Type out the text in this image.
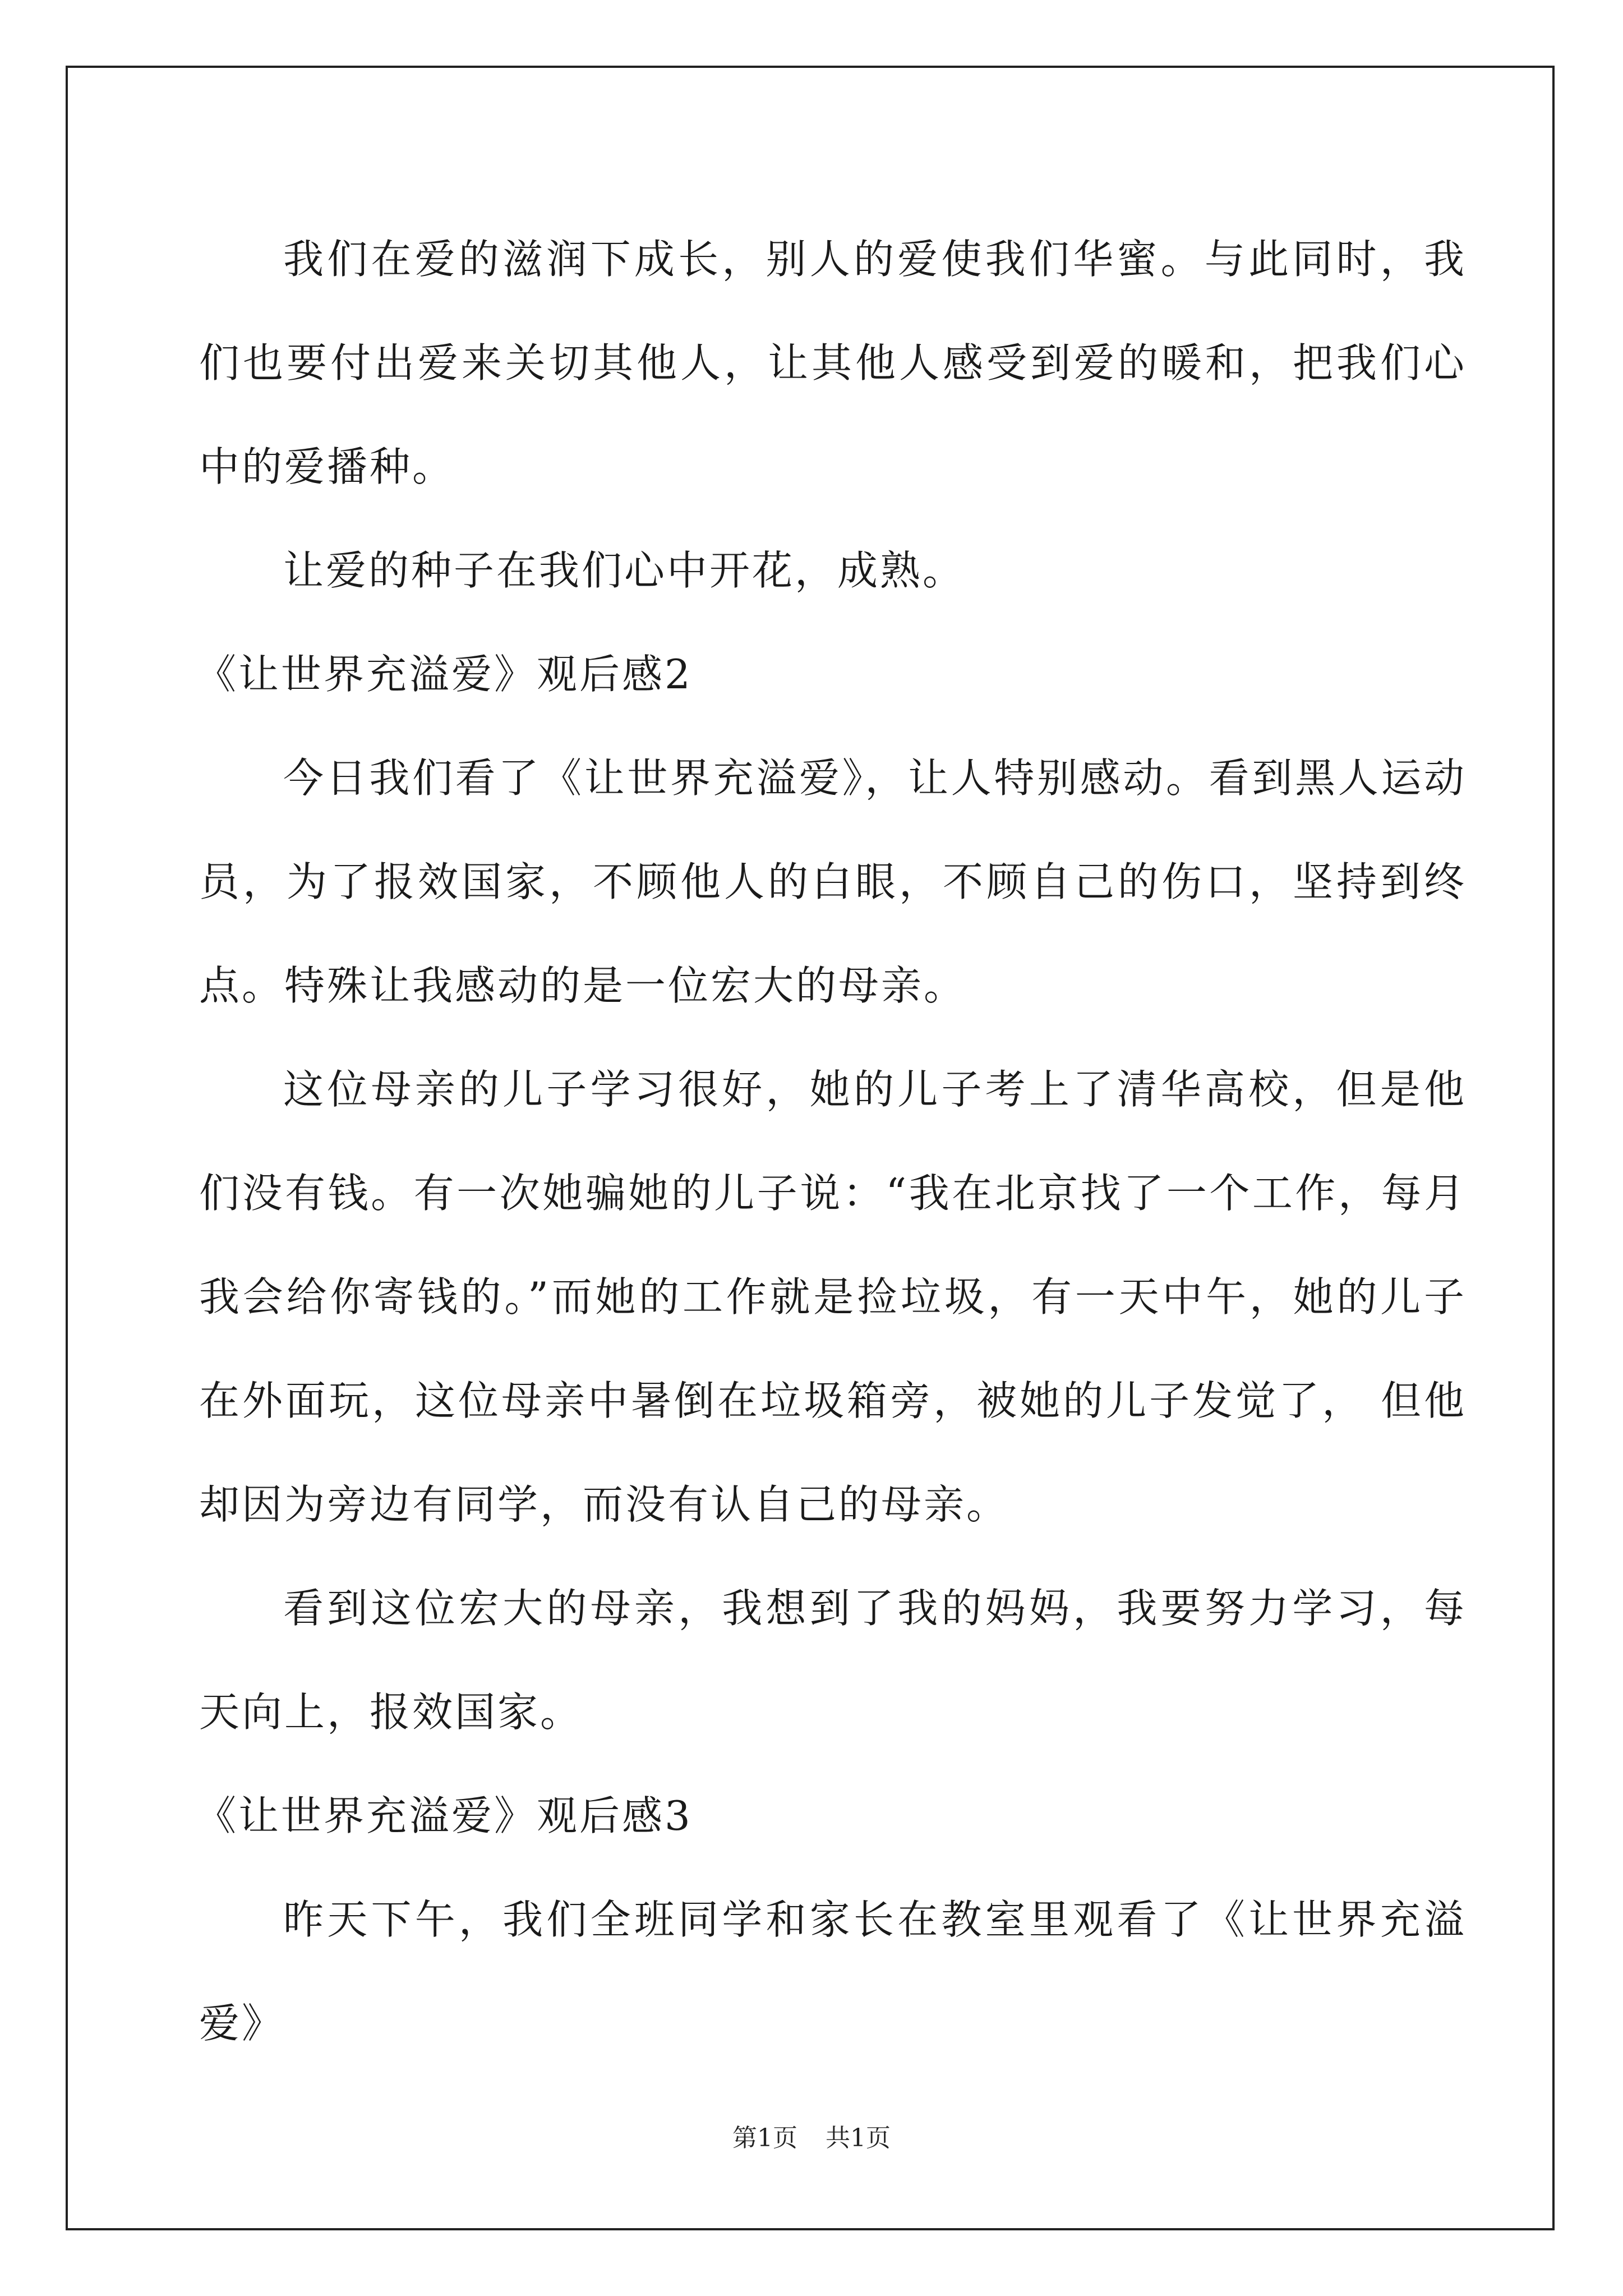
我们在爱的滋润下成长，别人的爱使我们华蜜。与此同时，我们也要付出爱来关切其他人，让其他人感受到爱的暖和，把我们心中的爱播种。

让爱的种子在我们心中开花，成熟。

《让世界充溢爱》观后感2

今日我们看了《让世界充溢爱》，让人特别感动。看到黑人运动员，为了报效国家，不顾他人的白眼，不顾自己的伤口，坚持到终点。特殊让我感动的是一位宏大的母亲。

这位母亲的儿子学习很好，她的儿子考上了清华高校，但是他们没有钱。有一次她骗她的儿子说：“我在北京找了一个工作，每月我会给你寄钱的。”而她的工作就是捡垃圾，有一天中午，她的儿子在外面玩，这位母亲中暑倒在垃圾箱旁，被她的儿子发觉了， 但他却因为旁边有同学，而没有认自己的母亲。

看到这位宏大的母亲，我想到了我的妈妈，我要努力学习，每天向上，报效国家。

《让世界充溢爱》观后感3

昨天下午，我们全班同学和家长在教室里观看了《让世界充溢爱》

第1页 共1页
